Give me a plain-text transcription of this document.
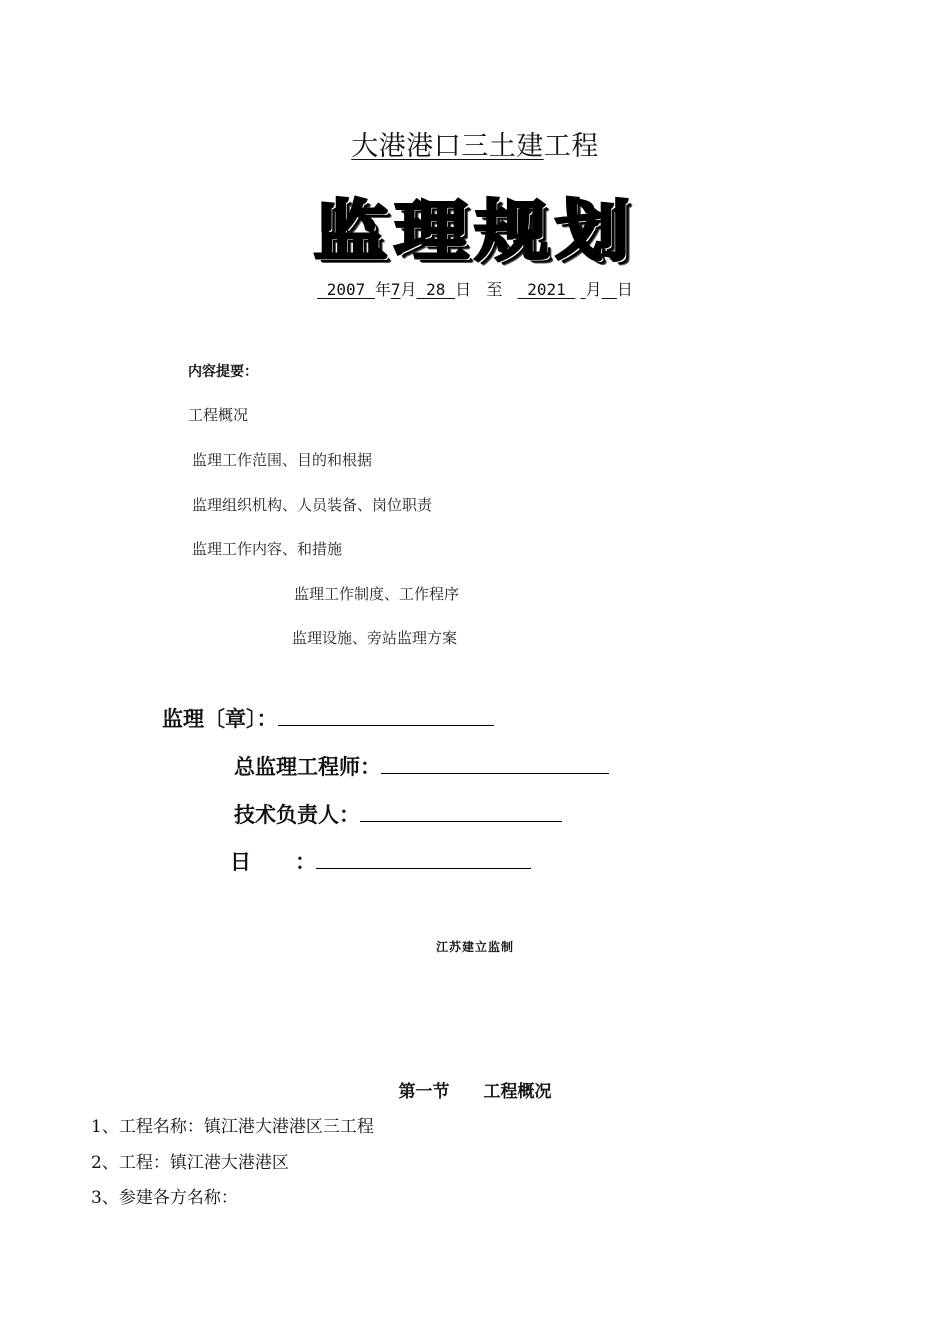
大港港口三土建工程
监理规划
2007 年7月 28 日 至 2021 月 日
内容提要：
工程概况
监理工作范围、目的和根据
监理组织机构、人员装备、岗位职责
监理工作内容、和措施
监理工作制度、工作程序
监理设施、旁站监理方案
监理〔章〕：
总监理工程师：
技术负责人：
日 ：
江苏建立监制
第一节 工程概况
1、工程名称：镇江港大港港区三工程
2、工程：镇江港大港港区
3、参建各方名称：
